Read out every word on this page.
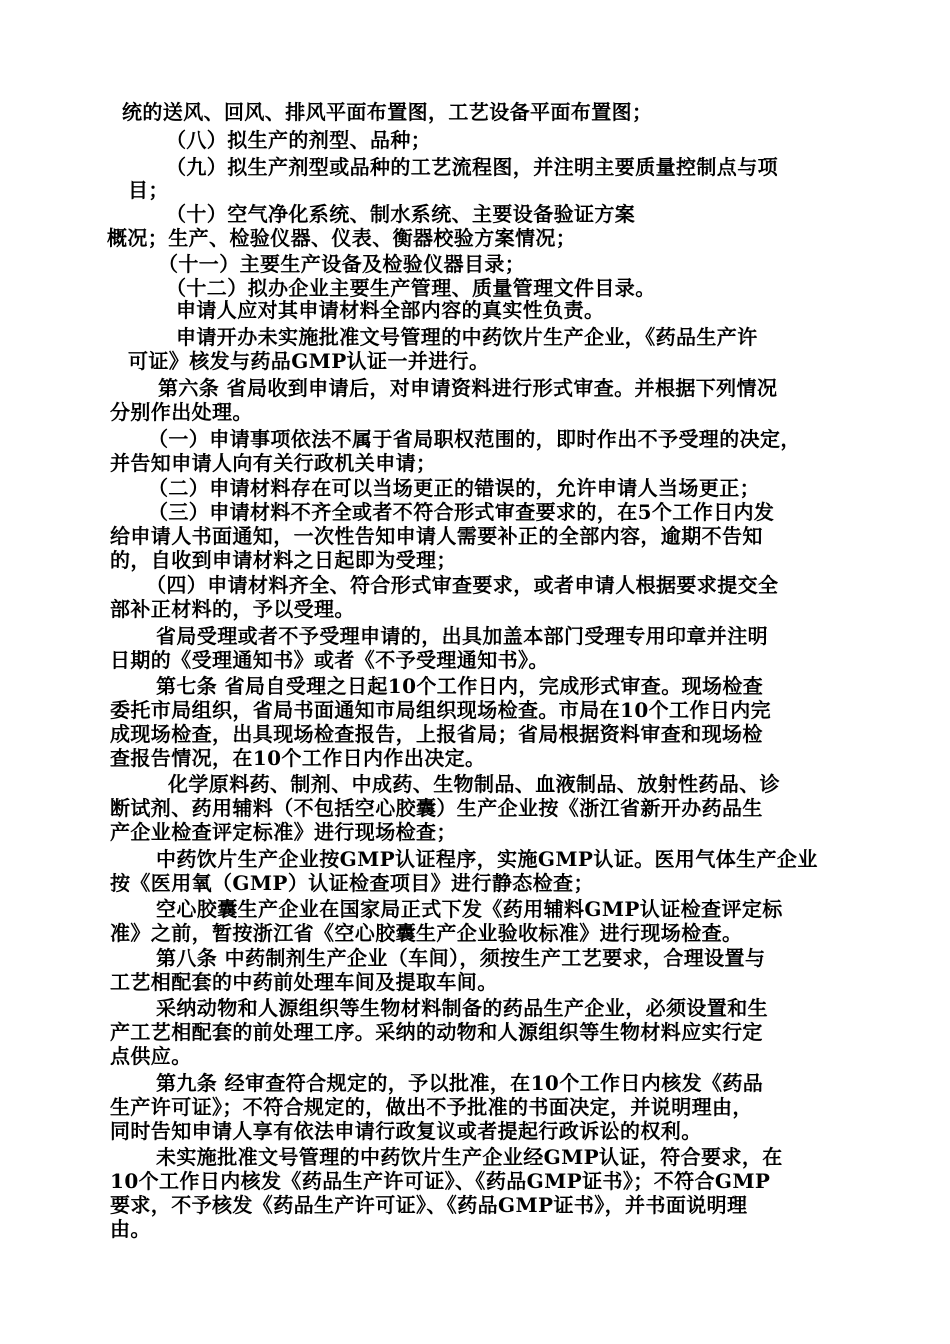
统的送风、回风、排风平面布置图，工艺设备平面布置图；
（八）拟生产的剂型、品种；
（九）拟生产剂型或品种的工艺流程图，并注明主要质量控制点与项
目；
（十）空气净化系统、制水系统、主要设备验证方案
概况；生产、检验仪器、仪表、衡器校验方案情况；
（十一）主要生产设备及检验仪器目录；
（十二）拟办企业主要生产管理、质量管理文件目录。
申请人应对其申请材料全部内容的真实性负责。
申请开办未实施批准文号管理的中药饮片生产企业，《药品生产许
可证》核发与药品GMP认证一并进行。
第六条 省局收到申请后，对申请资料进行形式审查。并根据下列情况
分别作出处理。
（一）申请事项依法不属于省局职权范围的，即时作出不予受理的决定，
并告知申请人向有关行政机关申请；
（二）申请材料存在可以当场更正的错误的，允许申请人当场更正；
（三）申请材料不齐全或者不符合形式审查要求的，在5个工作日内发
给申请人书面通知，一次性告知申请人需要补正的全部内容，逾期不告知
的，自收到申请材料之日起即为受理；
（四）申请材料齐全、符合形式审查要求，或者申请人根据要求提交全
部补正材料的，予以受理。
省局受理或者不予受理申请的，出具加盖本部门受理专用印章并注明
日期的《受理通知书》或者《不予受理通知书》。
第七条 省局自受理之日起10个工作日内，完成形式审查。现场检查
委托市局组织，省局书面通知市局组织现场检查。市局在10个工作日内完
成现场检查，出具现场检查报告，上报省局；省局根据资料审查和现场检
查报告情况，在10个工作日内作出决定。
化学原料药、制剂、中成药、生物制品、血液制品、放射性药品、诊
断试剂、药用辅料（不包括空心胶囊）生产企业按《浙江省新开办药品生
产企业检查评定标准》进行现场检查；
中药饮片生产企业按GMP认证程序，实施GMP认证。医用气体生产企业
按《医用氧（GMP）认证检查项目》进行静态检查；
空心胶囊生产企业在国家局正式下发《药用辅料GMP认证检查评定标
准》之前，暂按浙江省《空心胶囊生产企业验收标准》进行现场检查。
第八条 中药制剂生产企业（车间），须按生产工艺要求，合理设置与
工艺相配套的中药前处理车间及提取车间。
采纳动物和人源组织等生物材料制备的药品生产企业，必须设置和生
产工艺相配套的前处理工序。采纳的动物和人源组织等生物材料应实行定
点供应。
第九条 经审查符合规定的，予以批准，在10个工作日内核发《药品
生产许可证》；不符合规定的，做出不予批准的书面决定，并说明理由，
同时告知申请人享有依法申请行政复议或者提起行政诉讼的权利。
未实施批准文号管理的中药饮片生产企业经GMP认证，符合要求，在
10个工作日内核发《药品生产许可证》、《药品GMP证书》；不符合GMP
要求，不予核发《药品生产许可证》、《药品GMP证书》，并书面说明理
由。
